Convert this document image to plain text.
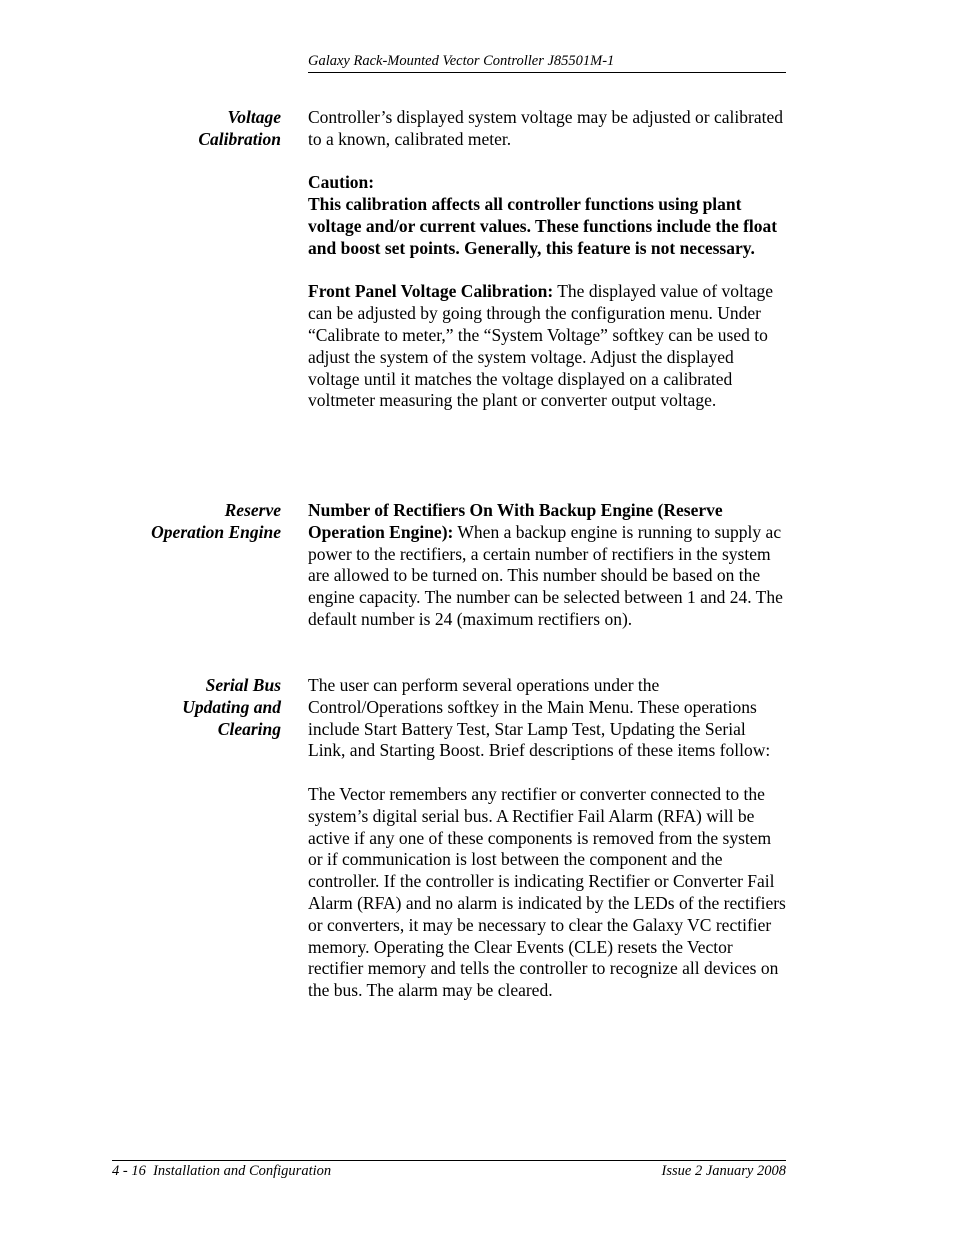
Galaxy Rack-Mounted Vector Controller J85501M-1
Voltage
Calibration

Controller’s displayed system voltage may be adjusted or calibrated to a known, calibrated meter.

Caution:

This calibration affects all controller functions using plant voltage and/or current values. These functions include the float and boost set points. Generally, this feature is not necessary.

Front Panel Voltage Calibration: The displayed value of voltage can be adjusted by going through the configuration menu. Under “Calibrate to meter,” the “System Voltage” softkey can be used to adjust the system of the system voltage. Adjust the displayed voltage until it matches the voltage displayed on a calibrated voltmeter measuring the plant or converter output voltage.

Reserve
Operation Engine

Number of Rectifiers On With Backup Engine (Reserve Operation Engine): When a backup engine is running to supply ac power to the rectifiers, a certain number of rectifiers in the system are allowed to be turned on. This number should be based on the engine capacity. The number can be selected between 1 and 24. The default number is 24 (maximum rectifiers on).

Serial Bus
Updating and
Clearing

The user can perform several operations under the Control/Operations softkey in the Main Menu. These operations include Start Battery Test, Star Lamp Test, Updating the Serial Link, and Starting Boost. Brief descriptions of these items follow:

The Vector remembers any rectifier or converter connected to the system’s digital serial bus. A Rectifier Fail Alarm (RFA) will be active if any one of these components is removed from the system or if communication is lost between the component and the controller. If the controller is indicating Rectifier or Converter Fail Alarm (RFA) and no alarm is indicated by the LEDs of the rectifiers or converters, it may be necessary to clear the Galaxy VC rectifier memory. Operating the Clear Events (CLE) resets the Vector rectifier memory and tells the controller to recognize all devices on the bus. The alarm may be cleared.

4 - 16  Installation and Configuration	Issue 2 January 2008
